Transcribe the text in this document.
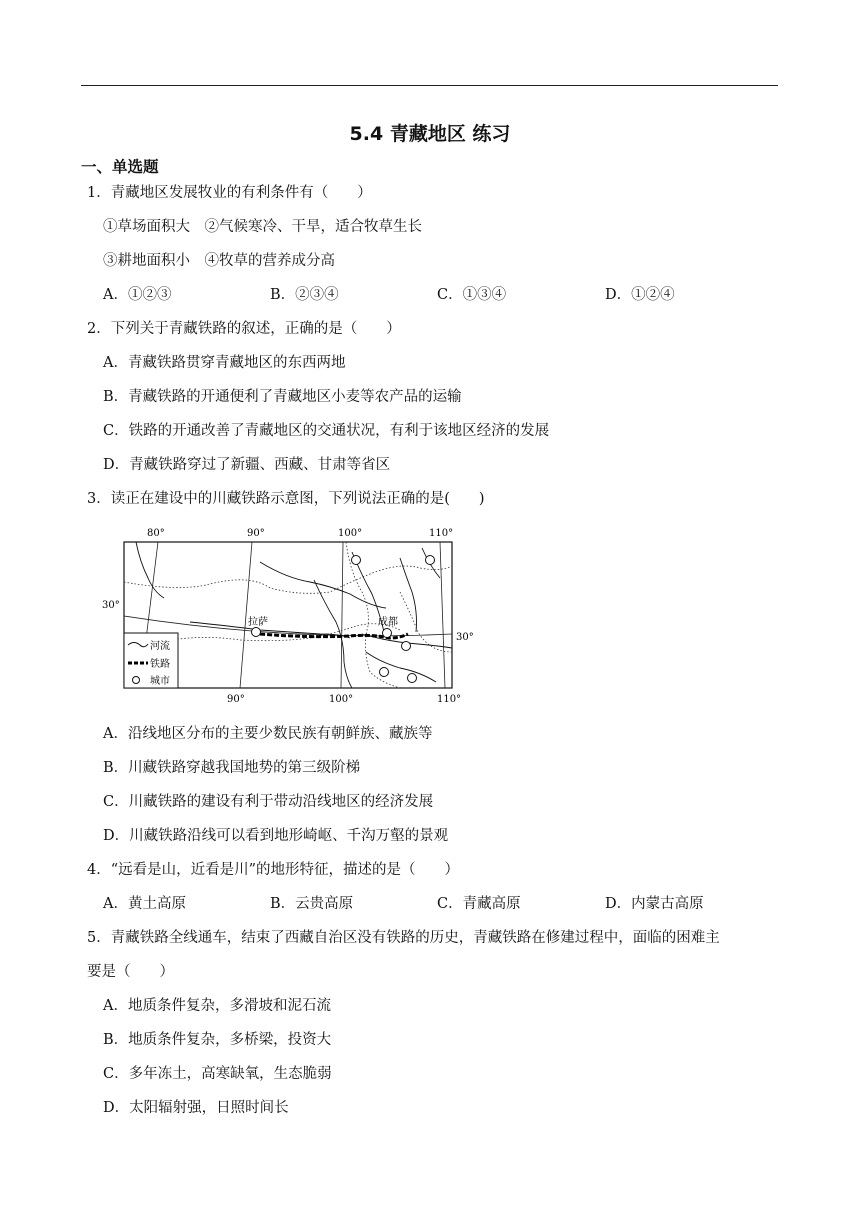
5.4 青藏地区 练习
一、单选题
1．青藏地区发展牧业的有利条件有（　　）
①草场面积大　②气候寒冷、干旱，适合牧草生长
③耕地面积小　④牧草的营养成分高
A．①②③	B．②③④	C．①③④	D．①②④
2．下列关于青藏铁路的叙述，正确的是（　　）
A．青藏铁路贯穿青藏地区的东西两地
B．青藏铁路的开通便利了青藏地区小麦等农产品的运输
C．铁路的开通改善了青藏地区的交通状况，有利于该地区经济的发展
D．青藏铁路穿过了新疆、西藏、甘肃等省区
3．读正在建设中的川藏铁路示意图，下列说法正确的是(　　)
80°	90°	100°	110°
30°
30°
90°	100°	110°
拉萨	成都
河流
铁路
城市
A．沿线地区分布的主要少数民族有朝鲜族、藏族等
B．川藏铁路穿越我国地势的第三级阶梯
C．川藏铁路的建设有利于带动沿线地区的经济发展
D．川藏铁路沿线可以看到地形崎岖、千沟万壑的景观
4．“远看是山，近看是川”的地形特征，描述的是（　　）
A．黄土高原	B．云贵高原	C．青藏高原	D．内蒙古高原
5．青藏铁路全线通车，结束了西藏自治区没有铁路的历史，青藏铁路在修建过程中，面临的困难主
要是（　　）
A．地质条件复杂，多滑坡和泥石流
B．地质条件复杂，多桥梁，投资大
C．多年冻土，高寒缺氧，生态脆弱
D．太阳辐射强，日照时间长
